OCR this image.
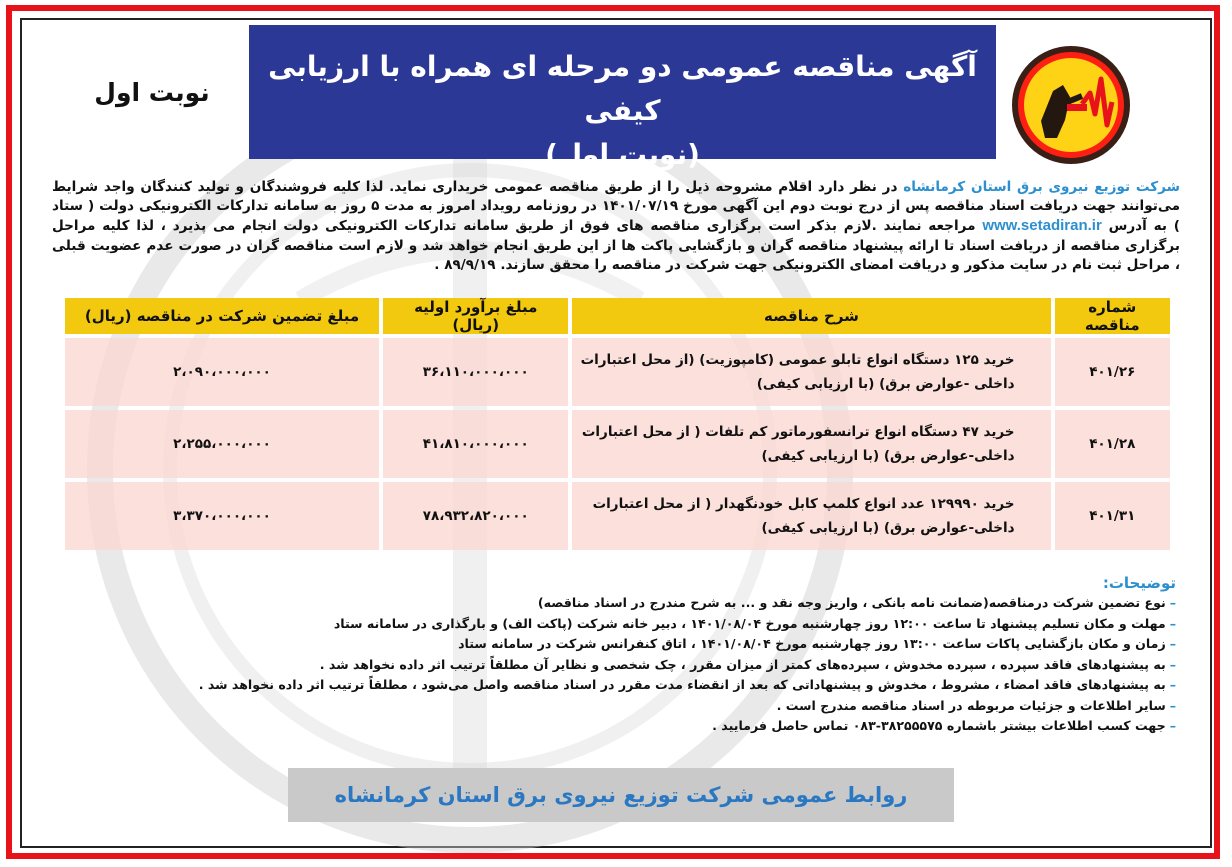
آگهی مناقصه عمومی دو مرحله ای همراه با ارزیابی کیفی
(نوبت اول)
نوبت اول
شرکت توزیع نیروی برق استان کرمانشاه در نظر دارد اقلام مشروحه ذیل را از طریق مناقصه عمومی خریداری نماید. لذا کلیه فروشندگان و تولید کنندگان واجد شرایط می‌توانند جهت دریافت اسناد مناقصه پس از درج نوبت دوم این آگهی مورخ ۱۴۰۱/۰۷/۱۹ در روزنامه رویداد امروز به مدت ۵ روز به سامانه تدارکات الکترونیکی دولت ( ستاد ) به آدرس www.setadiran.ir مراجعه نمایند .لازم بذکر است برگزاری مناقصه های فوق از طریق سامانه تدارکات الکترونیکی دولت انجام می پذیرد ، لذا کلیه مراحل برگزاری مناقصه از دریافت اسناد تا ارائه پیشنهاد مناقصه گران و بازگشایی پاکت ها از این طریق انجام خواهد شد و لازم است مناقصه گران در صورت عدم عضویت قبلی ، مراحل ثبت نام در سایت مذکور و دریافت امضای الکترونیکی جهت شرکت در مناقصه را محقق سازند. ۸۹/۹/۱۹ .
شماره مناقصه	شرح مناقصه	مبلغ برآورد اولیه (ریال)	مبلغ تضمین شرکت در مناقصه (ریال)
۴۰۱/۲۶	خرید ۱۲۵ دستگاه انواع تابلو عمومی (کامپوزیت) (از محل اعتبارات
داخلی -عوارض برق) (با ارزیابی کیفی)	۳۶،۱۱۰،۰۰۰،۰۰۰	۲،۰۹۰،۰۰۰،۰۰۰
۴۰۱/۲۸	خرید ۴۷ دستگاه انواع ترانسفورماتور کم تلفات ( از محل اعتبارات
داخلی-عوارض برق) (با ارزیابی کیفی)	۴۱،۸۱۰،۰۰۰،۰۰۰	۲،۲۵۵،۰۰۰،۰۰۰
۴۰۱/۳۱	خرید ۱۲۹۹۹۰ عدد انواع کلمپ کابل خودنگهدار ( از محل اعتبارات
داخلی-عوارض برق) (با ارزیابی کیفی)	۷۸،۹۳۲،۸۲۰،۰۰۰	۳،۳۷۰،۰۰۰،۰۰۰
توضیحات:
–نوع تضمین شرکت درمناقصه(ضمانت نامه بانکی ، واریز وجه نقد و ... به شرح مندرج در اسناد مناقصه)
–مهلت و مکان تسلیم پیشنهاد تا ساعت ۱۲:۰۰ روز چهارشنبه مورخ ۱۴۰۱/۰۸/۰۴ ، دبیر خانه شرکت (پاکت الف) و بارگذاری در سامانه ستاد
–زمان و مکان بازگشایی پاکات ساعت ۱۳:۰۰ روز چهارشنبه مورخ ۱۴۰۱/۰۸/۰۴ ، اتاق کنفرانس شرکت در سامانه ستاد
–به پیشنهادهای فاقد سپرده ، سپرده مخدوش ، سپرده‌های کمتر از میزان مقرر ، چک شخصی و نظایر آن مطلقاً ترتیب اثر داده نخواهد شد .
–به پیشنهادهای فاقد امضاء ، مشروط ، مخدوش و پیشنهاداتی که بعد از انقضاء مدت مقرر در اسناد مناقصه واصل می‌شود ، مطلقاً ترتیب اثر داده نخواهد شد .
–سایر اطلاعات و جزئیات مربوطه در اسناد مناقصه مندرج است .
–جهت کسب اطلاعات بیشتر باشماره ۳۸۲۵۵۵۷۵-۰۸۳ تماس حاصل فرمایید .
روابط عمومی شرکت توزیع نیروی برق استان کرمانشاه
